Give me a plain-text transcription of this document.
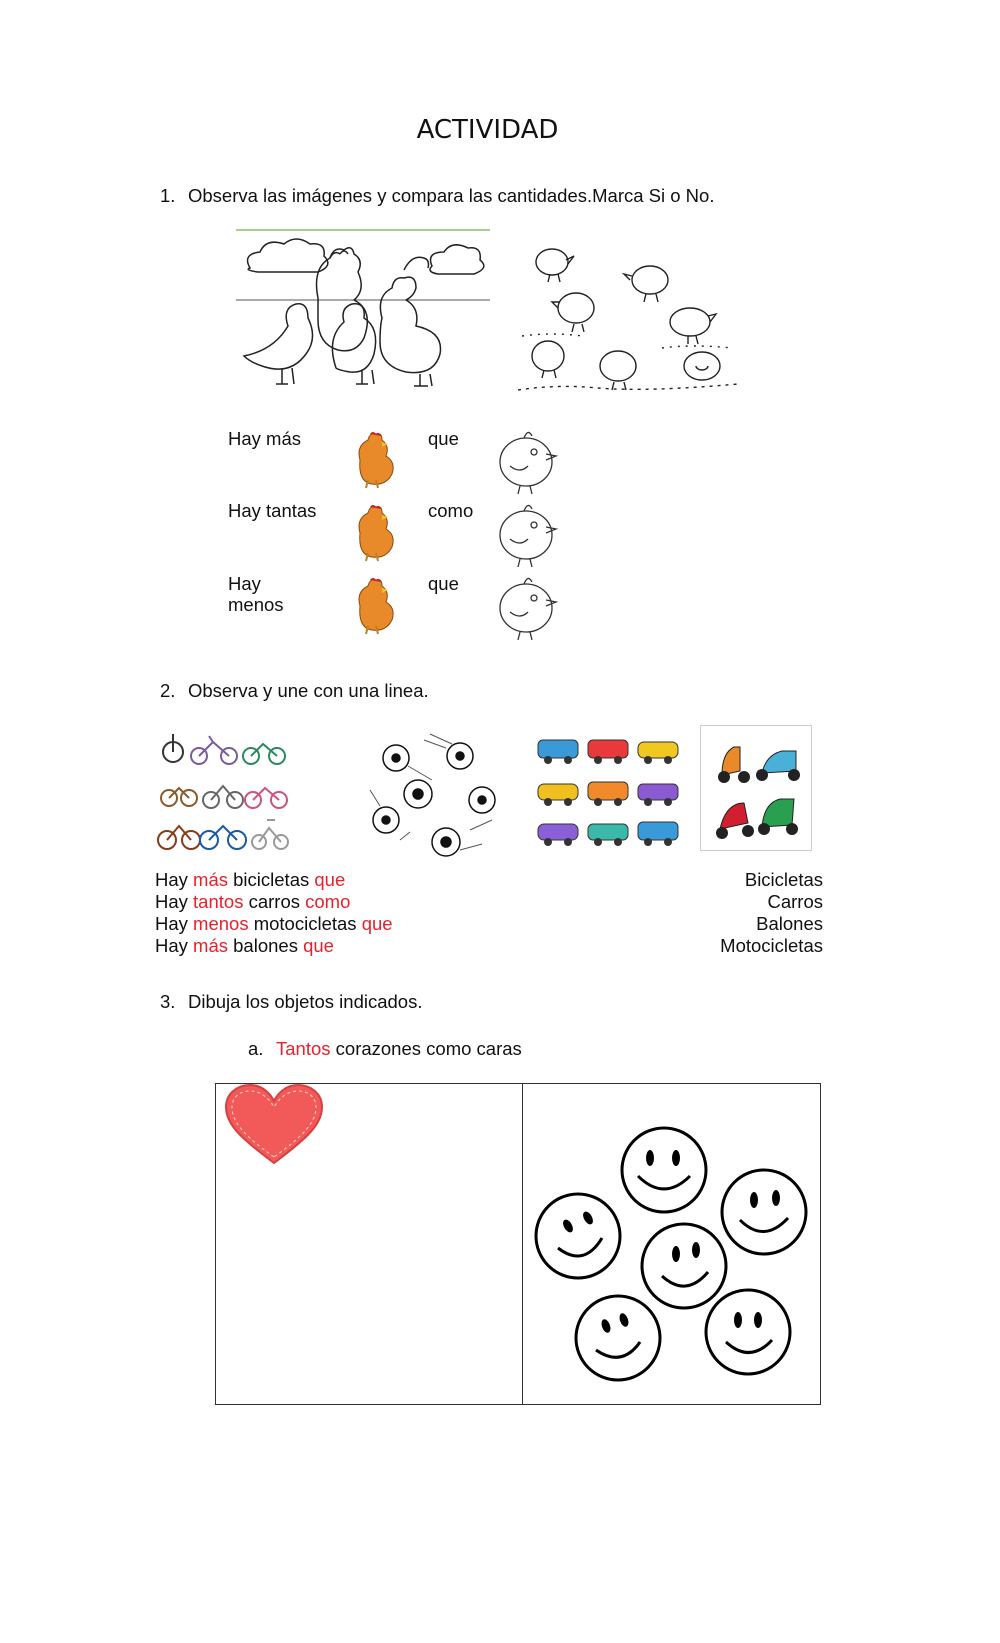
ACTIVIDAD
1. Observa las imágenes y compara las cantidades.Marca Si o No.
Hay más	que
Hay tantas	como
Hay
menos
que
2. Observa y une con una linea.
Hay más bicicletas que
Hay tantos carros como
Hay menos motocicletas que
Hay más balones que
Bicicletas
Carros
Balones
Motocicletas
3. Dibuja los objetos indicados.
a. Tantos corazones como caras
